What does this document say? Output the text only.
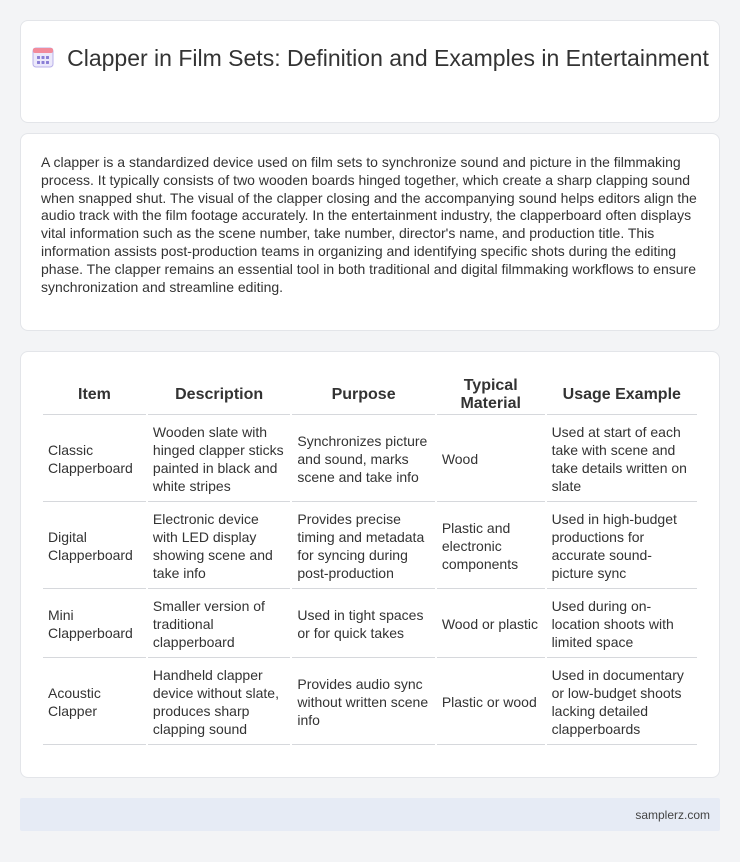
Clapper in Film Sets: Definition and Examples in Entertainment

A clapper is a standardized device used on film sets to synchronize sound and picture in the filmmaking process. It typically consists of two wooden boards hinged together, which create a sharp clapping sound when snapped shut. The visual of the clapper closing and the accompanying sound helps editors align the audio track with the film footage accurately. In the entertainment industry, the clapperboard often displays vital information such as the scene number, take number, director's name, and production title. This information assists post-production teams in organizing and identifying specific shots during the editing phase. The clapper remains an essential tool in both traditional and digital filmmaking workflows to ensure synchronization and streamline editing.

Item	Description	Purpose	Typical Material	Usage Example
Classic Clapperboard	Wooden slate with hinged clapper sticks painted in black and white stripes	Synchronizes picture and sound, marks scene and take info	Wood	Used at start of each take with scene and take details written on slate
Digital Clapperboard	Electronic device with LED display showing scene and take info	Provides precise timing and metadata for syncing during post-production	Plastic and electronic components	Used in high-budget productions for accurate sound-picture sync
Mini Clapperboard	Smaller version of traditional clapperboard	Used in tight spaces or for quick takes	Wood or plastic	Used during on-location shoots with limited space
Acoustic Clapper	Handheld clapper device without slate, produces sharp clapping sound	Provides audio sync without written scene info	Plastic or wood	Used in documentary or low-budget shoots lacking detailed clapperboards
samplerz.com
